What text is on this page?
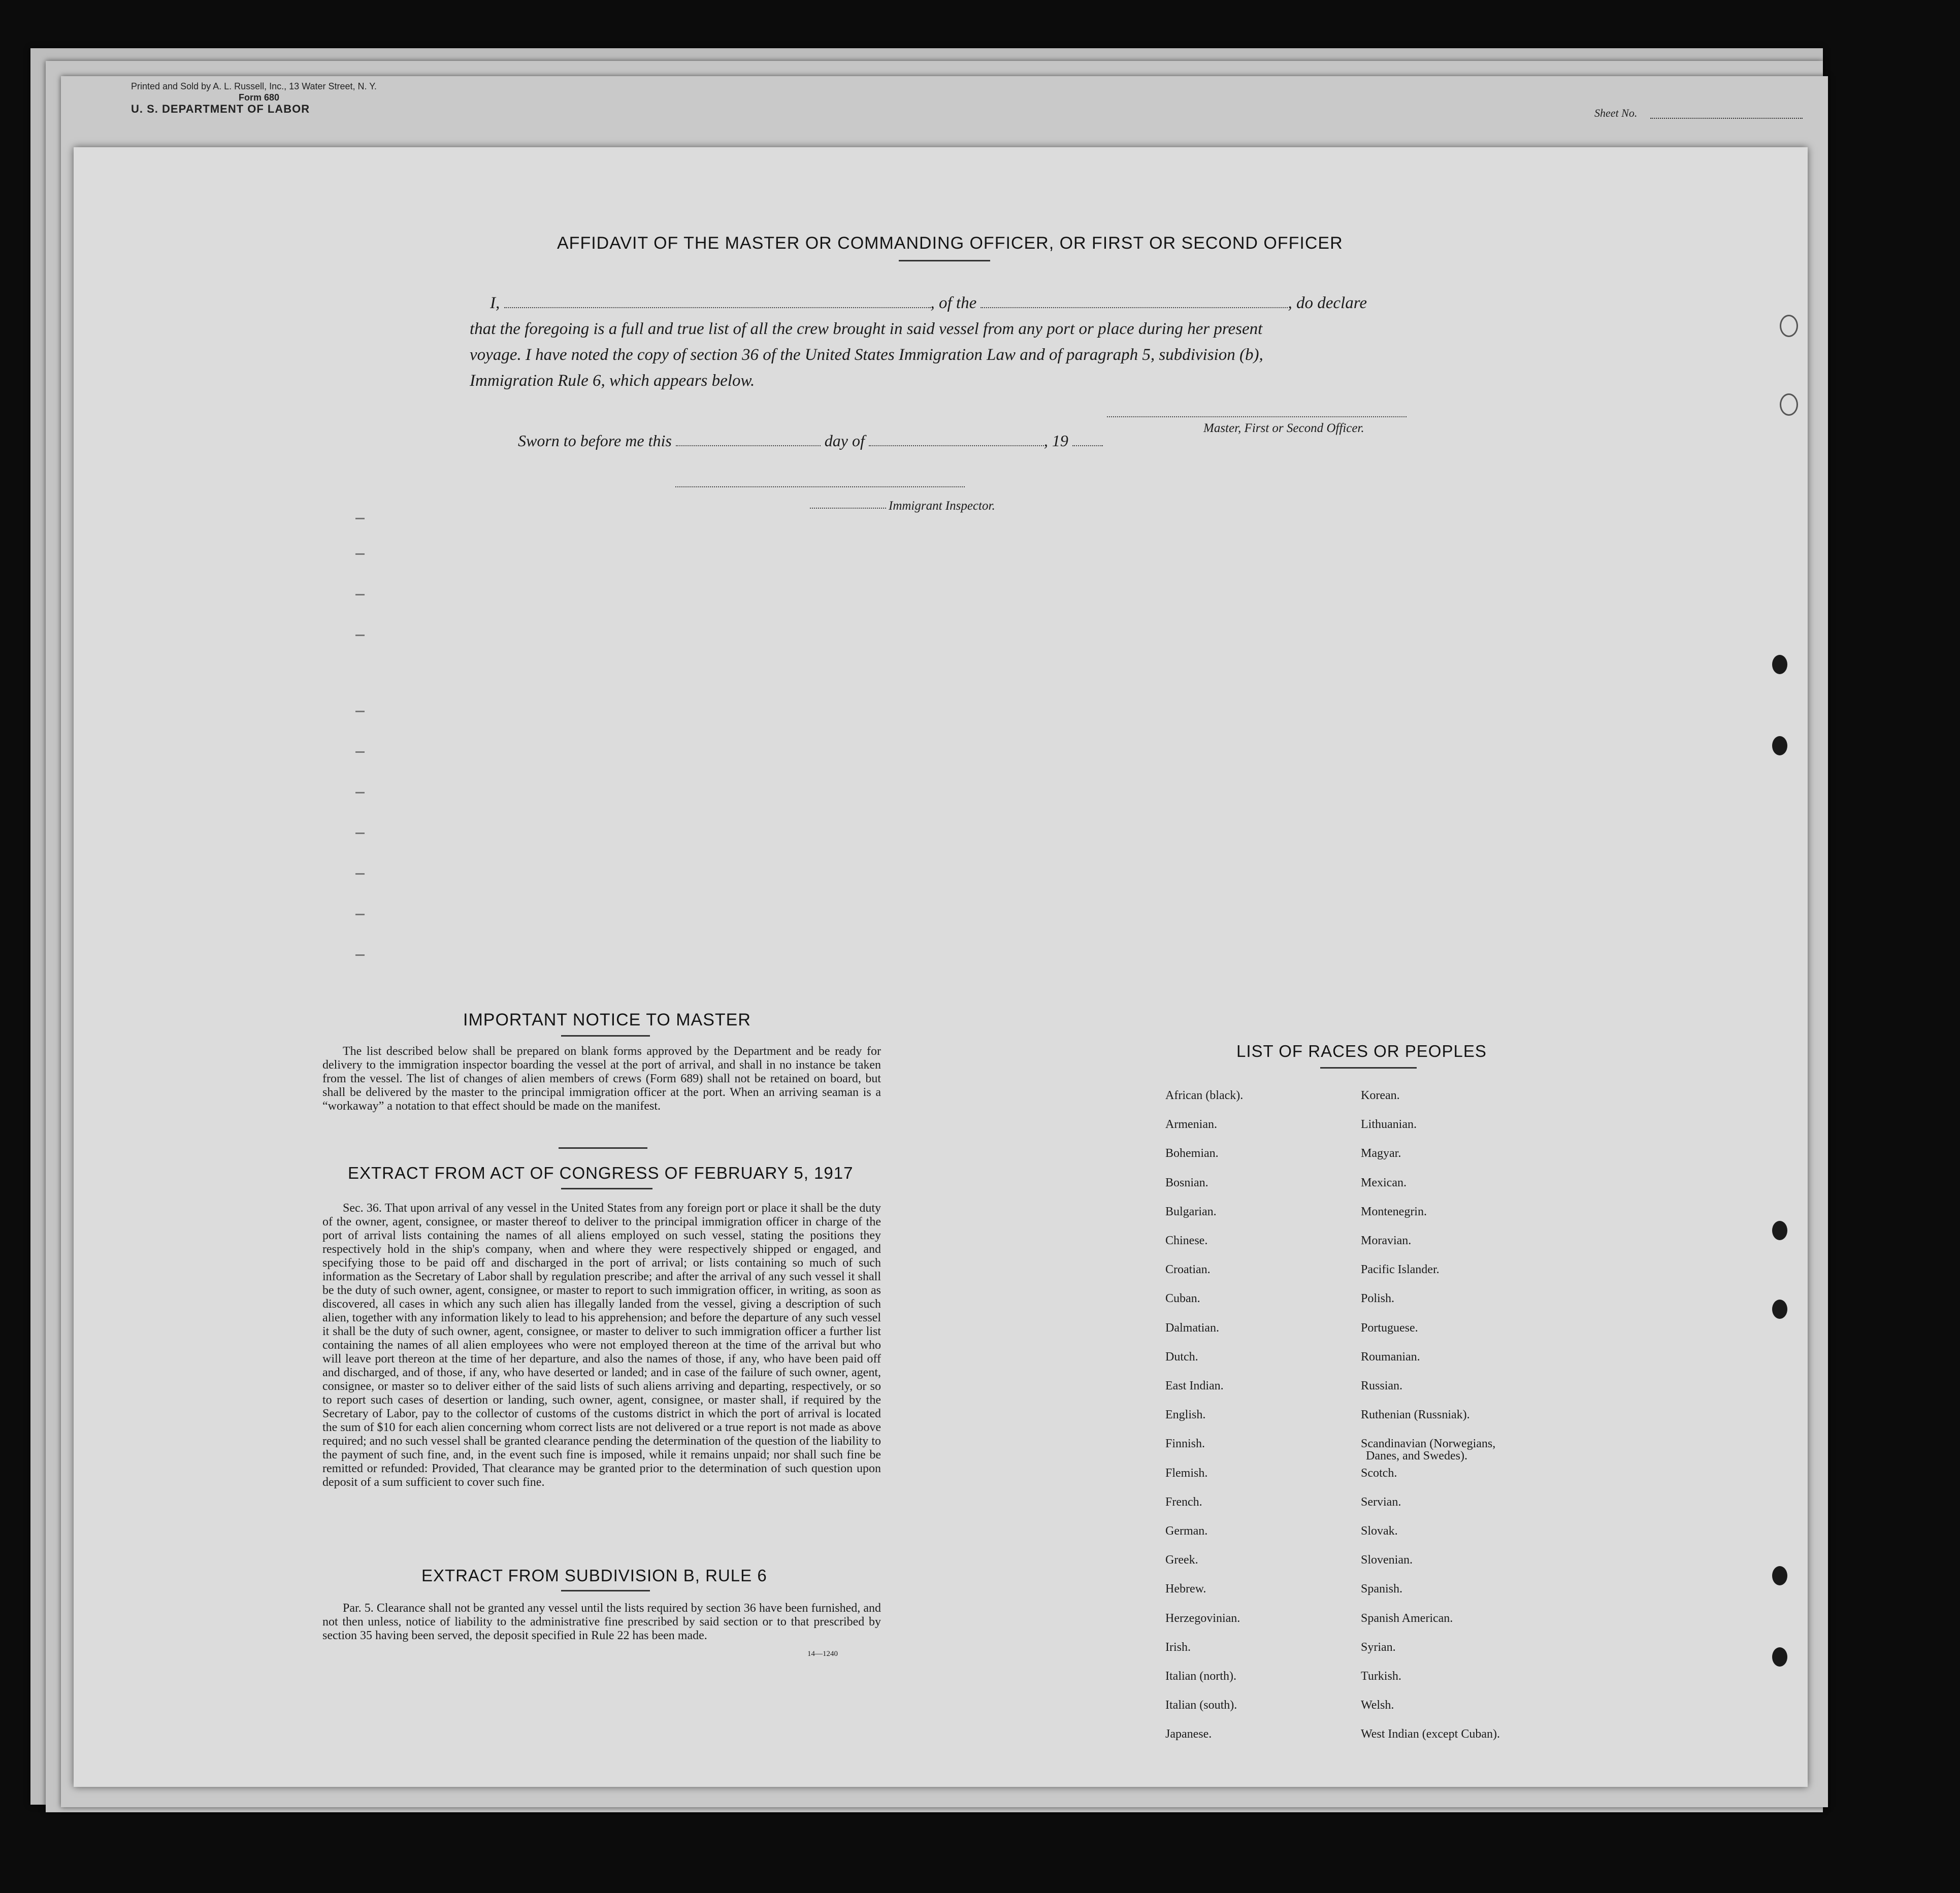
Printed and Sold by A. L. Russell, Inc., 13 Water Street, N. Y.
Form 680
U. S. DEPARTMENT OF LABOR	Sheet No.
AFFIDAVIT OF THE MASTER OR COMMANDING OFFICER, OR FIRST OR SECOND OFFICER
I,	, of the	, do declare
that the foregoing is a full and true list of all the crew brought in said vessel from any port or place during her present
voyage. I have noted the copy of section 36 of the United States Immigration Law and of paragraph 5, subdivision (b),
Immigration Rule 6, which appears below.
Master, First or Second Officer.
Sworn to before me this	day of	, 19
Immigrant Inspector.
IMPORTANT NOTICE TO MASTER
The list described below shall be prepared on blank forms approved by the Department and be ready for delivery to the immigration inspector boarding the vessel at the port of arrival, and shall in no instance be taken from the vessel. The list of changes of alien members of crews (Form 689) shall not be retained on board, but shall be delivered by the master to the principal immigration officer at the port. When an arriving seaman is a “workaway” a notation to that effect should be made on the manifest.
EXTRACT FROM ACT OF CONGRESS OF FEBRUARY 5, 1917
Sec. 36. That upon arrival of any vessel in the United States from any foreign port or place it shall be the duty of the owner, agent, consignee, or master thereof to deliver to the principal immigration officer in charge of the port of arrival lists containing the names of all aliens employed on such vessel, stating the positions they respectively hold in the ship's company, when and where they were respectively shipped or engaged, and specifying those to be paid off and discharged in the port of arrival; or lists containing so much of such information as the Secretary of Labor shall by regulation prescribe; and after the arrival of any such vessel it shall be the duty of such owner, agent, consignee, or master to report to such immigration officer, in writing, as soon as discovered, all cases in which any such alien has illegally landed from the vessel, giving a description of such alien, together with any information likely to lead to his apprehension; and before the departure of any such vessel it shall be the duty of such owner, agent, consignee, or master to deliver to such immigration officer a further list containing the names of all alien employees who were not employed thereon at the time of the arrival but who will leave port thereon at the time of her departure, and also the names of those, if any, who have been paid off and discharged, and of those, if any, who have deserted or landed; and in case of the failure of such owner, agent, consignee, or master so to deliver either of the said lists of such aliens arriving and departing, respectively, or so to report such cases of desertion or landing, such owner, agent, consignee, or master shall, if required by the Secretary of Labor, pay to the collector of customs of the customs district in which the port of arrival is located the sum of $10 for each alien concerning whom correct lists are not delivered or a true report is not made as above required; and no such vessel shall be granted clearance pending the determination of the question of the liability to the payment of such fine, and, in the event such fine is imposed, while it remains unpaid; nor shall such fine be remitted or refunded: Provided, That clearance may be granted prior to the determination of such question upon deposit of a sum sufficient to cover such fine.
EXTRACT FROM SUBDIVISION B, RULE 6
Par. 5. Clearance shall not be granted any vessel until the lists required by section 36 have been furnished, and not then unless, notice of liability to the administrative fine prescribed by said section or to that prescribed by section 35 having been served, the deposit specified in Rule 22 has been made.
14—1240
LIST OF RACES OR PEOPLES
African (black).
Armenian.
Bohemian.
Bosnian.
Bulgarian.
Chinese.
Croatian.
Cuban.
Dalmatian.
Dutch.
East Indian.
English.
Finnish.
Flemish.
French.
German.
Greek.
Hebrew.
Herzegovinian.
Irish.
Italian (north).
Italian (south).
Japanese.
Korean.
Lithuanian.
Magyar.
Mexican.
Montenegrin.
Moravian.
Pacific Islander.
Polish.
Portuguese.
Roumanian.
Russian.
Ruthenian (Russniak).
Scandinavian (Norwegians,
Danes, and Swedes).
Scotch.
Servian.
Slovak.
Slovenian.
Spanish.
Spanish American.
Syrian.
Turkish.
Welsh.
West Indian (except Cuban).
